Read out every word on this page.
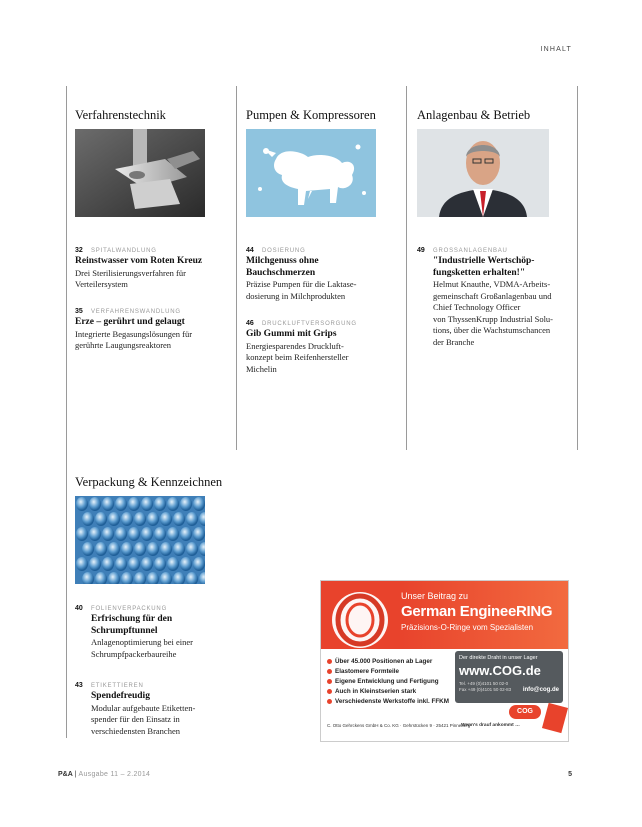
INHALT
Verfahrenstechnik
32	SPITALWANDLUNG
Reinstwasser vom Roten Kreuz
Drei Sterilisierungsverfahren für
Verteilersystem
35	VERFAHRENSWANDLUNG
Erze – gerührt und gelaugt
Integrierte Begasungslösungen für
gerührte Laugungsreaktoren
Pumpen & Kompressoren
44	DOSIERUNG
Milchgenuss ohne Bauchschmerzen
Präzise Pumpen für die Laktase-
dosierung in Milchprodukten
46	DRUCKLUFTVERSORGUNG
Gib Gummi mit Grips
Energiesparendes Druckluft-
konzept beim Reifenhersteller
Michelin
Anlagenbau & Betrieb
49	GROSSANLAGENBAU
"Industrielle Wertschöp- fungsketten erhalten!"
Helmut Knauthe, VDMA-Arbeits-
gemeinschaft Großanlagenbau und
Chief Technology Officer
von ThyssenKrupp Industrial Solu-
tions, über die Wachstumschancen
der Branche
Verpackung & Kennzeichnen
40	FOLIENVERPACKUNG
Erfrischung für den Schrumpftunnel
Anlagenoptimierung bei einer
Schrumpfpackerbaureihe
43	ETIKETTIEREN
Spendefreudig
Modular aufgebaute Etiketten-
spender für den Einsatz in
verschiedensten Branchen
Unser Beitrag zu
German EngineeRING
Präzisions-O-Ringe vom Spezialisten
Über 45.000 Positionen ab Lager
Elastomere Formteile
Eigene Entwicklung und Fertigung
Auch in Kleinstserien stark
Verschiedenste Werkstoffe inkl. FFKM
Der direkte Draht in unser Lager
www.COG.de
Tel. +49 (0)4101 50 02-0
Fax +49 (0)4101 50 02-83 info@cog.de
COG
C. Otto Gehrckens GmbH & Co. KG · Gehrstücken 9 · 25421 Pinneberg
Wenn's drauf ankommt …
P&A | Ausgabe 11 – 2.2014	5
